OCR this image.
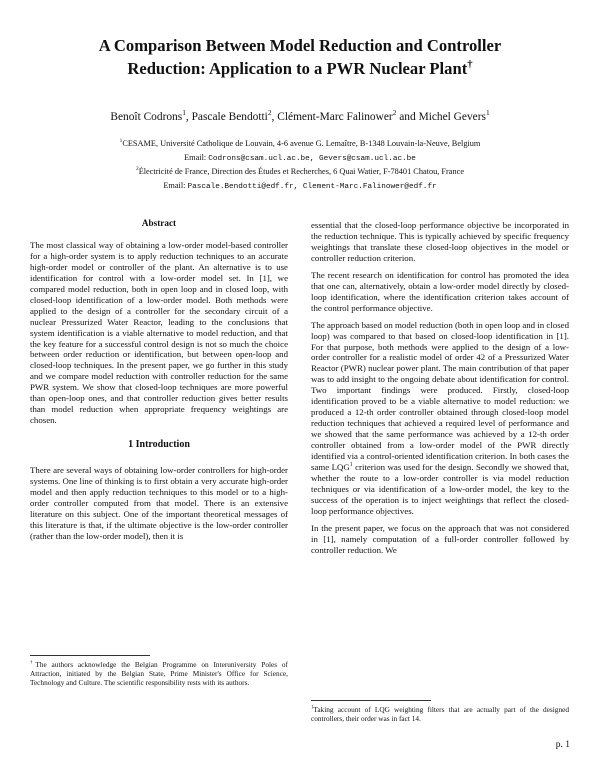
A Comparison Between Model Reduction and Controller
Reduction: Application to a PWR Nuclear Plant†
Benoît Codrons$^1$, Pascale Bendotti$^2$, Clément-Marc Falinower$^2$ and Michel Gevers$^1$
$^1$CESAME, Université Catholique de Louvain, 4-6 avenue G. Lemaître, B-1348 Louvain-la-Neuve, Belgium
Email: Codrons@csam.ucl.ac.be, Gevers@csam.ucl.ac.be
$^2$Électricité de France, Direction des Études et Recherches, 6 Quai Watier, F-78401 Chatou, France
Email: Pascale.Bendotti@edf.fr, Clement-Marc.Falinower@edf.fr
Abstract

The most classical way of obtaining a low-order model-based controller for a high-order system is to apply reduction techniques to an accurate high-order model or controller of the plant. An alternative is to use identification for control with a low-order model set. In [1], we compared model reduction, both in open loop and in closed loop, with closed-loop identification of a low-order model. Both methods were applied to the design of a controller for the secondary circuit of a nuclear Pressurized Water Reactor, leading to the conclusions that system identification is a viable alternative to model reduction, and that the key feature for a successful control design is not so much the choice between order reduction or identification, but between open-loop and closed-loop techniques. In the present paper, we go further in this study and we compare model reduction with controller reduction for the same PWR system. We show that closed-loop techniques are more powerful than open-loop ones, and that controller reduction gives better results than model reduction when appropriate frequency weightings are chosen.

1 Introduction

There are several ways of obtaining low-order controllers for high-order systems. One line of thinking is to first obtain a very accurate high-order model and then apply reduction techniques to this model or to a high-order controller computed from that model. There is an extensive literature on this subject. One of the important theoretical messages of this literature is that, if the ultimate objective is the low-order controller (rather than the low-order model), then it is

essential that the closed-loop performance objective be incorporated in the reduction technique. This is typically achieved by specific frequency weightings that translate these closed-loop objectives in the model or controller reduction criterion.

The recent research on identification for control has promoted the idea that one can, alternatively, obtain a low-order model directly by closed-loop identification, where the identification criterion takes account of the control performance objective.

The approach based on model reduction (both in open loop and in closed loop) was compared to that based on closed-loop identification in [1]. For that purpose, both methods were applied to the design of a low-order controller for a realistic model of order 42 of a Pressurized Water Reactor (PWR) nuclear power plant. The main contribution of that paper was to add insight to the ongoing debate about identification for control. Two important findings were produced. Firstly, closed-loop identification proved to be a viable alternative to model reduction: we produced a 12-th order controller obtained through closed-loop model reduction techniques that achieved a required level of performance and we showed that the same performance was achieved by a 12-th order controller obtained from a low-order model of the PWR directly identified via a control-oriented identification criterion. In both cases the same LQG$^1$ criterion was used for the design. Secondly we showed that, whether the route to a low-order controller is via model reduction techniques or via identification of a low-order model, the key to the success of the operation is to inject weightings that reflect the closed-loop performance objectives.

In the present paper, we focus on the approach that was not considered in [1], namely computation of a full-order controller followed by controller reduction. We

†The authors acknowledge the Belgian Programme on Interuniversity Poles of Attraction, initiated by the Belgian State, Prime Minister's Office for Science, Technology and Culture. The scientific responsibility rests with its authors.
$^1$Taking account of LQG weighting filters that are actually part of the designed controllers, their order was in fact 14.
p. 1
